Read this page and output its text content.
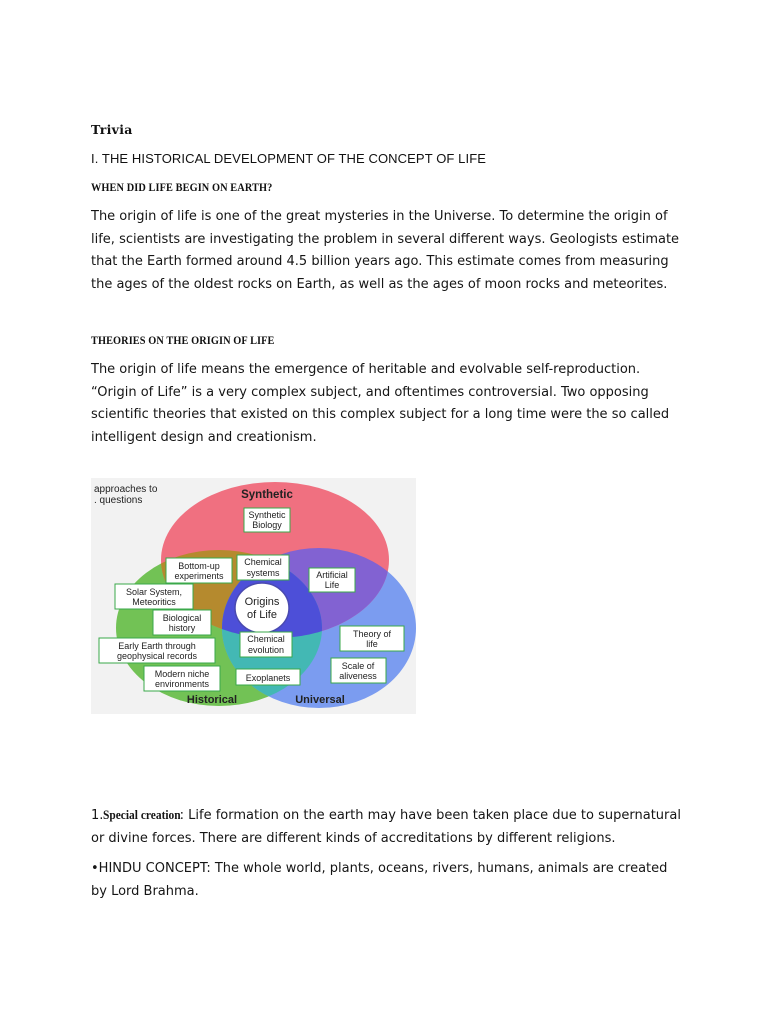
Trivia
I. THE HISTORICAL DEVELOPMENT OF THE CONCEPT OF LIFE
WHEN DID LIFE BEGIN ON EARTH?
The origin of life is one of the great mysteries in the Universe. To determine the origin of
life, scientists are investigating the problem in several different ways. Geologists estimate
that the Earth formed around 4.5 billion years ago. This estimate comes from measuring
the ages of the oldest rocks on Earth, as well as the ages of moon rocks and meteorites.
THEORIES ON THE ORIGIN OF LIFE
The origin of life means the emergence of heritable and evolvable self-reproduction.
“Origin of Life” is a very complex subject, and oftentimes controversial. Two opposing
scientific theories that existed on this complex subject for a long time were the so called
intelligent design and creationism.
approaches to
. questions	Synthetic
Historical	Universal
Origins
of Life
Synthetic
Biology
Bottom-up
experiments
Chemical
systems	Artificial
Life
Solar System,
Meteoritics
Biological
history
Chemical
evolution
Theory of
life
Early Earth through
geophysical records
Scale of
aliveness
Modern niche
environments
Exoplanets
1.Special creation: Life formation on the earth may have been taken place due to supernatural
or divine forces. There are different kinds of accreditations by different religions.
•HINDU CONCEPT: The whole world, plants, oceans, rivers, humans, animals are created
by Lord Brahma.
